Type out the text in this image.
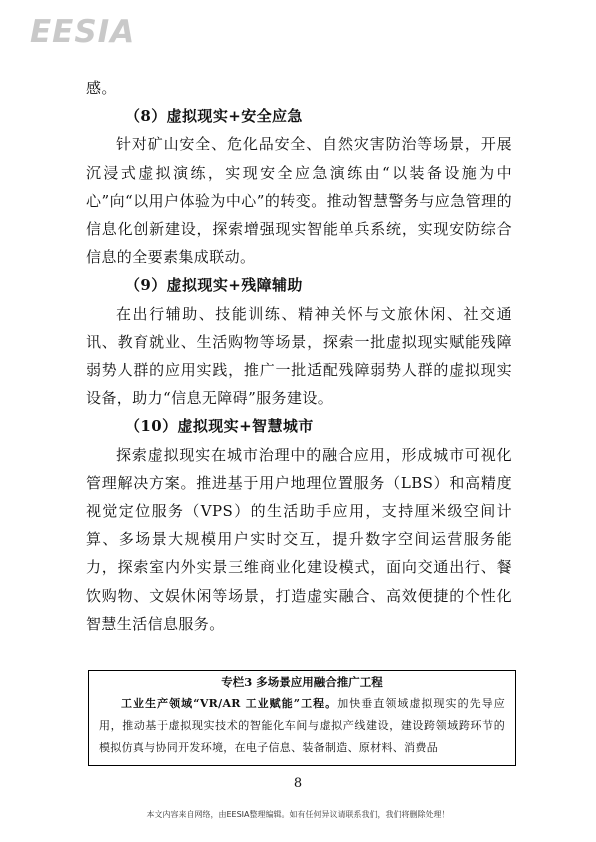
EESIA

感。

（8）虚拟现实+安全应急

针对矿山安全、危化品安全、自然灾害防治等场景，开展沉浸式虚拟演练，实现安全应急演练由“以装备设施为中心”向“以用户体验为中心”的转变。推动智慧警务与应急管理的信息化创新建设，探索增强现实智能单兵系统，实现安防综合信息的全要素集成联动。

（9）虚拟现实+残障辅助

在出行辅助、技能训练、精神关怀与文旅休闲、社交通讯、教育就业、生活购物等场景，探索一批虚拟现实赋能残障弱势人群的应用实践，推广一批适配残障弱势人群的虚拟现实设备，助力“信息无障碍”服务建设。

（10）虚拟现实+智慧城市

探索虚拟现实在城市治理中的融合应用，形成城市可视化管理解决方案。推进基于用户地理位置服务（LBS）和高精度视觉定位服务（VPS）的生活助手应用，支持厘米级空间计算、多场景大规模用户实时交互，提升数字空间运营服务能力，探索室内外实景三维商业化建设模式，面向交通出行、餐饮购物、文娱休闲等场景，打造虚实融合、高效便捷的个性化智慧生活信息服务。

专栏3 多场景应用融合推广工程

工业生产领域“VR/AR 工业赋能”工程。加快垂直领域虚拟现实的先导应用，推动基于虚拟现实技术的智能化车间与虚拟产线建设，建设跨领域跨环节的模拟仿真与协同开发环境，在电子信息、装备制造、原材料、消费品

8
本文内容来自网络，由EESIA整理编辑。如有任何异议请联系我们，我们将删除处理！
